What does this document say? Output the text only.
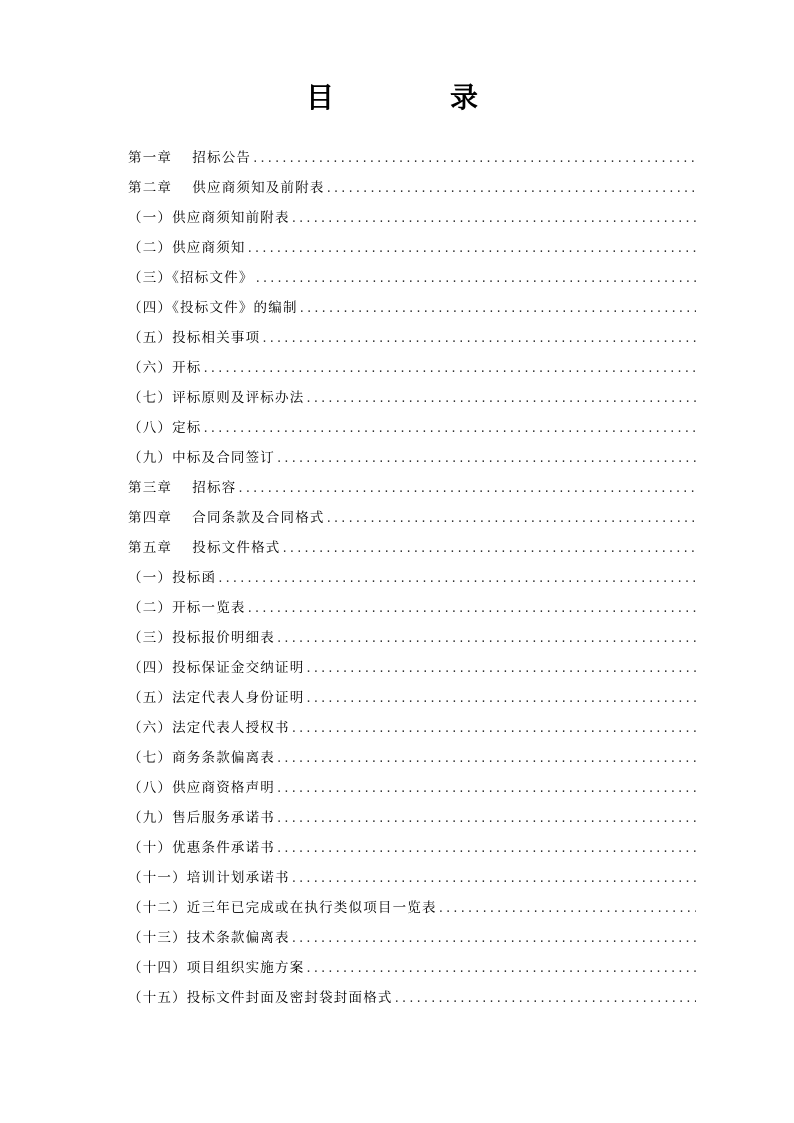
目　录
第一章　 招标公告
.....
第二章　 供应商须知及前附表
.....
（一）供应商须知前附表
.....
（二）供应商须知
.....
（三）《招标文件》
.....
（四）《投标文件》的编制
.....
（五）投标相关事项
.....
（六）开标
.....
（七）评标原则及评标办法
.....
（八）定标
.....
（九）中标及合同签订
.....
第三章　 招标容
.....
第四章　 合同条款及合同格式
.....
第五章　 投标文件格式
.....
（一）投标函
.....
（二）开标一览表
.....
（三）投标报价明细表
.....
（四）投标保证金交纳证明
.....
（五）法定代表人身份证明
.....
（六）法定代表人授权书
.....
（七）商务条款偏离表
.....
（八）供应商资格声明
.....
（九）售后服务承诺书
.....
（十）优惠条件承诺书
.....
（十一）培训计划承诺书
.....
（十二）近三年已完成或在执行类似项目一览表
.....
（十三）技术条款偏离表
.....
（十四）项目组织实施方案
.....
（十五）投标文件封面及密封袋封面格式
.....
